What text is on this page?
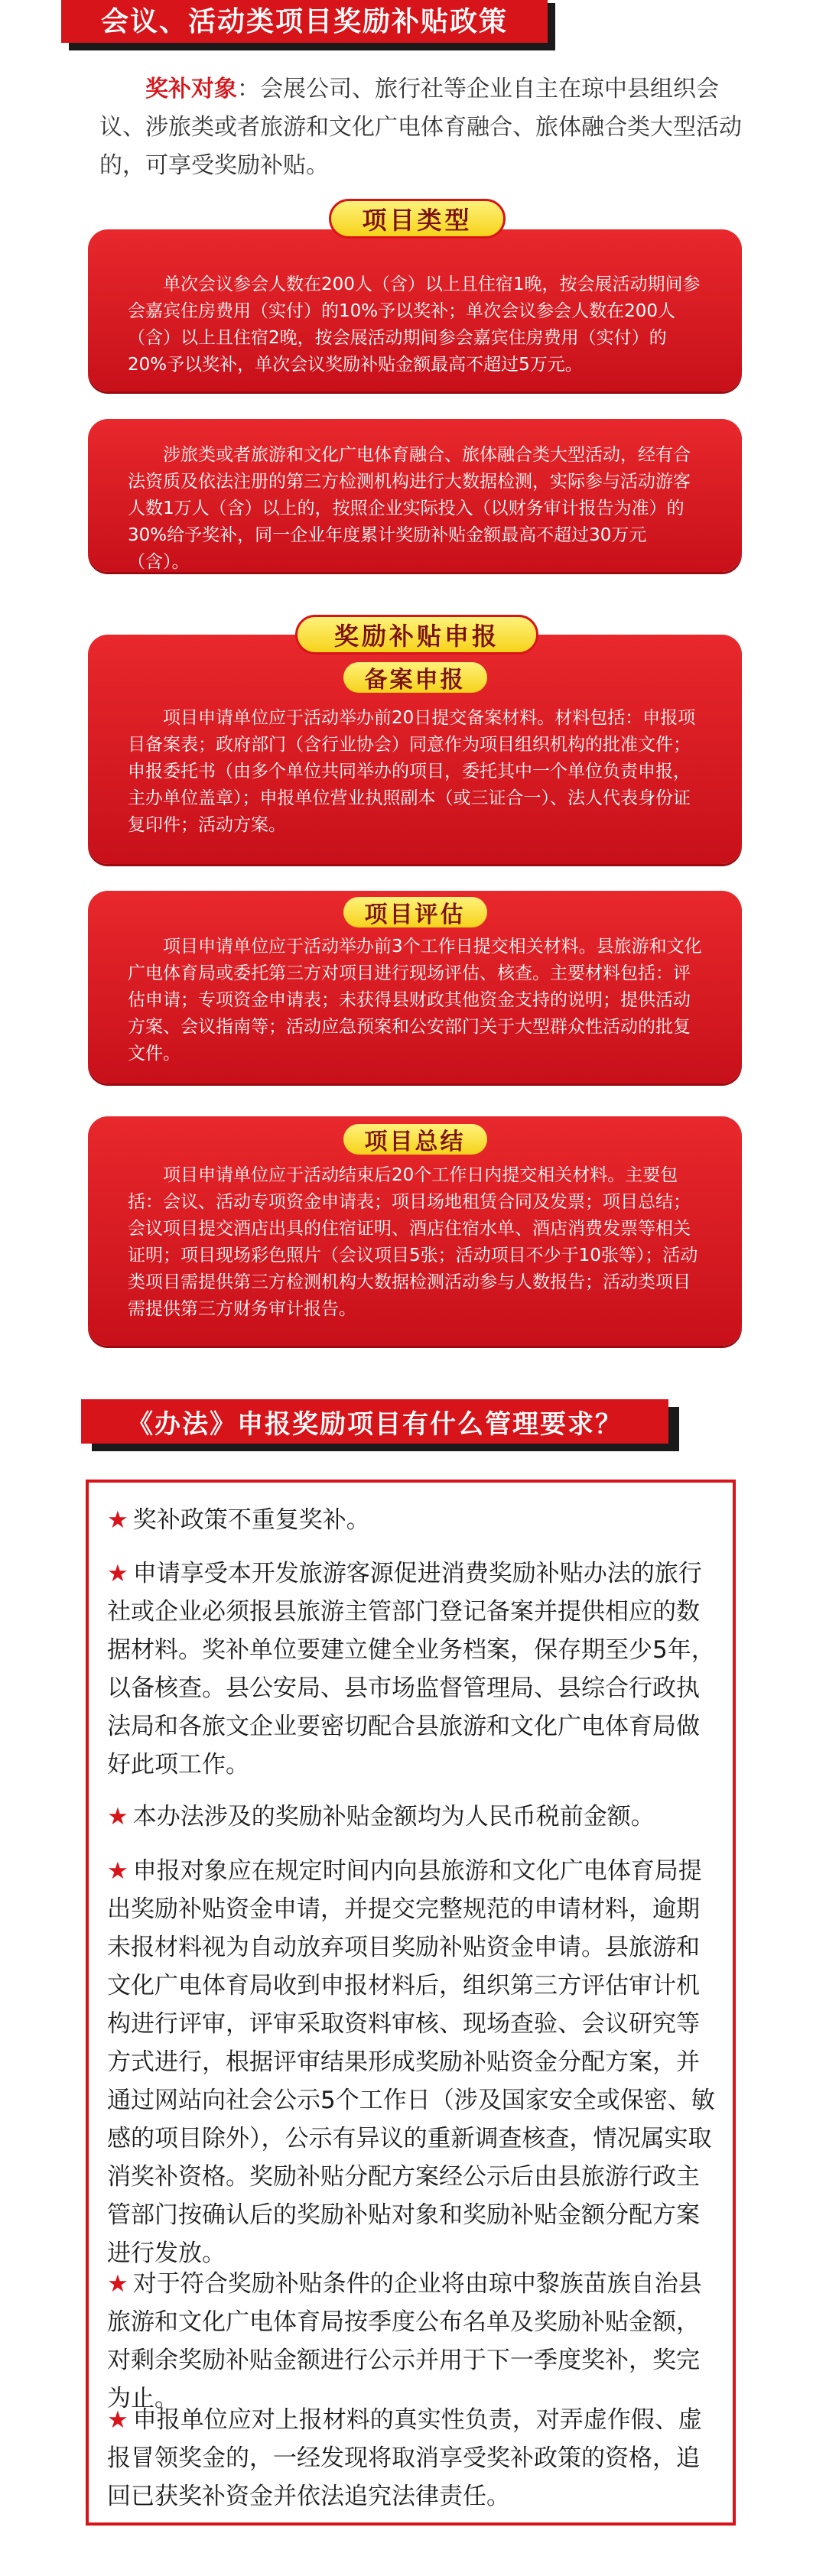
会议、活动类项目奖励补贴政策
奖补对象：会展公司、旅行社等企业自主在琼中县组织会议、涉旅类或者旅游和文化广电体育融合、旅体融合类大型活动的，可享受奖励补贴。
项目类型

单次会议参会人数在200人（含）以上且住宿1晚，按会展活动期间参会嘉宾住房费用（实付）的10%予以奖补；单次会议参会人数在200人（含）以上且住宿2晚，按会展活动期间参会嘉宾住房费用（实付）的20%予以奖补，单次会议奖励补贴金额最高不超过5万元。

涉旅类或者旅游和文化广电体育融合、旅体融合类大型活动，经有合法资质及依法注册的第三方检测机构进行大数据检测，实际参与活动游客人数1万人（含）以上的，按照企业实际投入（以财务审计报告为准）的30%给予奖补，同一企业年度累计奖励补贴金额最高不超过30万元（含）。

奖励补贴申报
备案申报

项目申请单位应于活动举办前20日提交备案材料。材料包括：申报项目备案表；政府部门（含行业协会）同意作为项目组织机构的批准文件；申报委托书（由多个单位共同举办的项目，委托其中一个单位负责申报，主办单位盖章）；申报单位营业执照副本（或三证合一）、法人代表身份证复印件；活动方案。

项目评估

项目申请单位应于活动举办前3个工作日提交相关材料。县旅游和文化广电体育局或委托第三方对项目进行现场评估、核查。主要材料包括：评估申请；专项资金申请表；未获得县财政其他资金支持的说明；提供活动方案、会议指南等；活动应急预案和公安部门关于大型群众性活动的批复文件。

项目总结

项目申请单位应于活动结束后20个工作日内提交相关材料。主要包括：会议、活动专项资金申请表；项目场地租赁合同及发票；项目总结；会议项目提交酒店出具的住宿证明、酒店住宿水单、酒店消费发票等相关证明；项目现场彩色照片（会议项目5张；活动项目不少于10张等）；活动类项目需提供第三方检测机构大数据检测活动参与人数报告；活动类项目需提供第三方财务审计报告。

《办法》申报奖励项目有什么管理要求？
★ 奖补政策不重复奖补。
★ 申请享受本开发旅游客源促进消费奖励补贴办法的旅行社或企业必须报县旅游主管部门登记备案并提供相应的数据材料。奖补单位要建立健全业务档案，保存期至少5年，以备核查。县公安局、县市场监督管理局、县综合行政执法局和各旅文企业要密切配合县旅游和文化广电体育局做好此项工作。
★ 本办法涉及的奖励补贴金额均为人民币税前金额。
★ 申报对象应在规定时间内向县旅游和文化广电体育局提出奖励补贴资金申请，并提交完整规范的申请材料，逾期未报材料视为自动放弃项目奖励补贴资金申请。县旅游和文化广电体育局收到申报材料后，组织第三方评估审计机构进行评审，评审采取资料审核、现场查验、会议研究等方式进行，根据评审结果形成奖励补贴资金分配方案，并通过网站向社会公示5个工作日（涉及国家安全或保密、敏感的项目除外），公示有异议的重新调查核查，情况属实取消奖补资格。奖励补贴分配方案经公示后由县旅游行政主管部门按确认后的奖励补贴对象和奖励补贴金额分配方案进行发放。
★ 对于符合奖励补贴条件的企业将由琼中黎族苗族自治县旅游和文化广电体育局按季度公布名单及奖励补贴金额，对剩余奖励补贴金额进行公示并用于下一季度奖补，奖完为止。
★ 申报单位应对上报材料的真实性负责，对弄虚作假、虚报冒领奖金的，一经发现将取消享受奖补政策的资格，追回已获奖补资金并依法追究法律责任。
